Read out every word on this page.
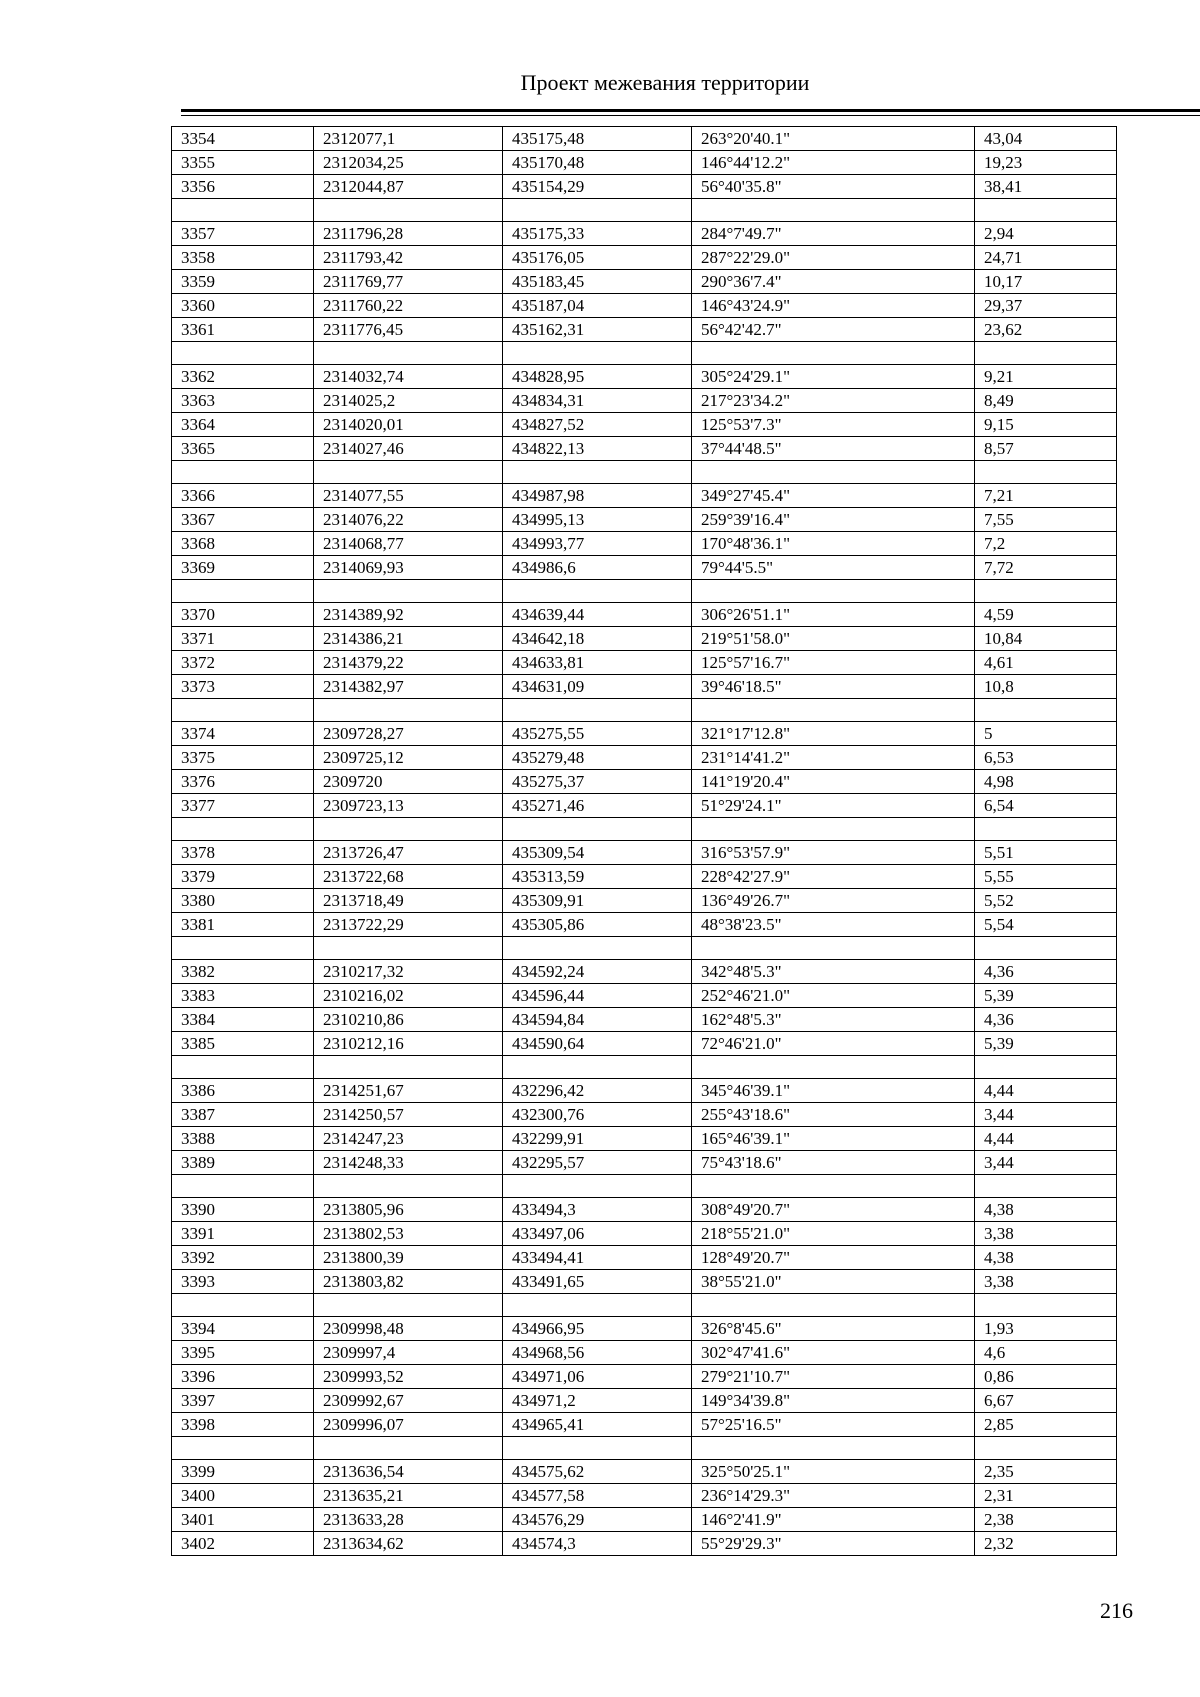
Проект межевания территории
3354	2312077,1	435175,48	263°20'40.1"	43,04
3355	2312034,25	435170,48	146°44'12.2"	19,23
3356	2312044,87	435154,29	56°40'35.8"	38,41

3357	2311796,28	435175,33	284°7'49.7"	2,94
3358	2311793,42	435176,05	287°22'29.0"	24,71
3359	2311769,77	435183,45	290°36'7.4"	10,17
3360	2311760,22	435187,04	146°43'24.9"	29,37
3361	2311776,45	435162,31	56°42'42.7"	23,62

3362	2314032,74	434828,95	305°24'29.1"	9,21
3363	2314025,2	434834,31	217°23'34.2"	8,49
3364	2314020,01	434827,52	125°53'7.3"	9,15
3365	2314027,46	434822,13	37°44'48.5"	8,57

3366	2314077,55	434987,98	349°27'45.4"	7,21
3367	2314076,22	434995,13	259°39'16.4"	7,55
3368	2314068,77	434993,77	170°48'36.1"	7,2
3369	2314069,93	434986,6	79°44'5.5"	7,72

3370	2314389,92	434639,44	306°26'51.1"	4,59
3371	2314386,21	434642,18	219°51'58.0"	10,84
3372	2314379,22	434633,81	125°57'16.7"	4,61
3373	2314382,97	434631,09	39°46'18.5"	10,8

3374	2309728,27	435275,55	321°17'12.8"	5
3375	2309725,12	435279,48	231°14'41.2"	6,53
3376	2309720	435275,37	141°19'20.4"	4,98
3377	2309723,13	435271,46	51°29'24.1"	6,54

3378	2313726,47	435309,54	316°53'57.9"	5,51
3379	2313722,68	435313,59	228°42'27.9"	5,55
3380	2313718,49	435309,91	136°49'26.7"	5,52
3381	2313722,29	435305,86	48°38'23.5"	5,54

3382	2310217,32	434592,24	342°48'5.3"	4,36
3383	2310216,02	434596,44	252°46'21.0"	5,39
3384	2310210,86	434594,84	162°48'5.3"	4,36
3385	2310212,16	434590,64	72°46'21.0"	5,39

3386	2314251,67	432296,42	345°46'39.1"	4,44
3387	2314250,57	432300,76	255°43'18.6"	3,44
3388	2314247,23	432299,91	165°46'39.1"	4,44
3389	2314248,33	432295,57	75°43'18.6"	3,44

3390	2313805,96	433494,3	308°49'20.7"	4,38
3391	2313802,53	433497,06	218°55'21.0"	3,38
3392	2313800,39	433494,41	128°49'20.7"	4,38
3393	2313803,82	433491,65	38°55'21.0"	3,38

3394	2309998,48	434966,95	326°8'45.6"	1,93
3395	2309997,4	434968,56	302°47'41.6"	4,6
3396	2309993,52	434971,06	279°21'10.7"	0,86
3397	2309992,67	434971,2	149°34'39.8"	6,67
3398	2309996,07	434965,41	57°25'16.5"	2,85

3399	2313636,54	434575,62	325°50'25.1"	2,35
3400	2313635,21	434577,58	236°14'29.3"	2,31
3401	2313633,28	434576,29	146°2'41.9"	2,38
3402	2313634,62	434574,3	55°29'29.3"	2,32
216
